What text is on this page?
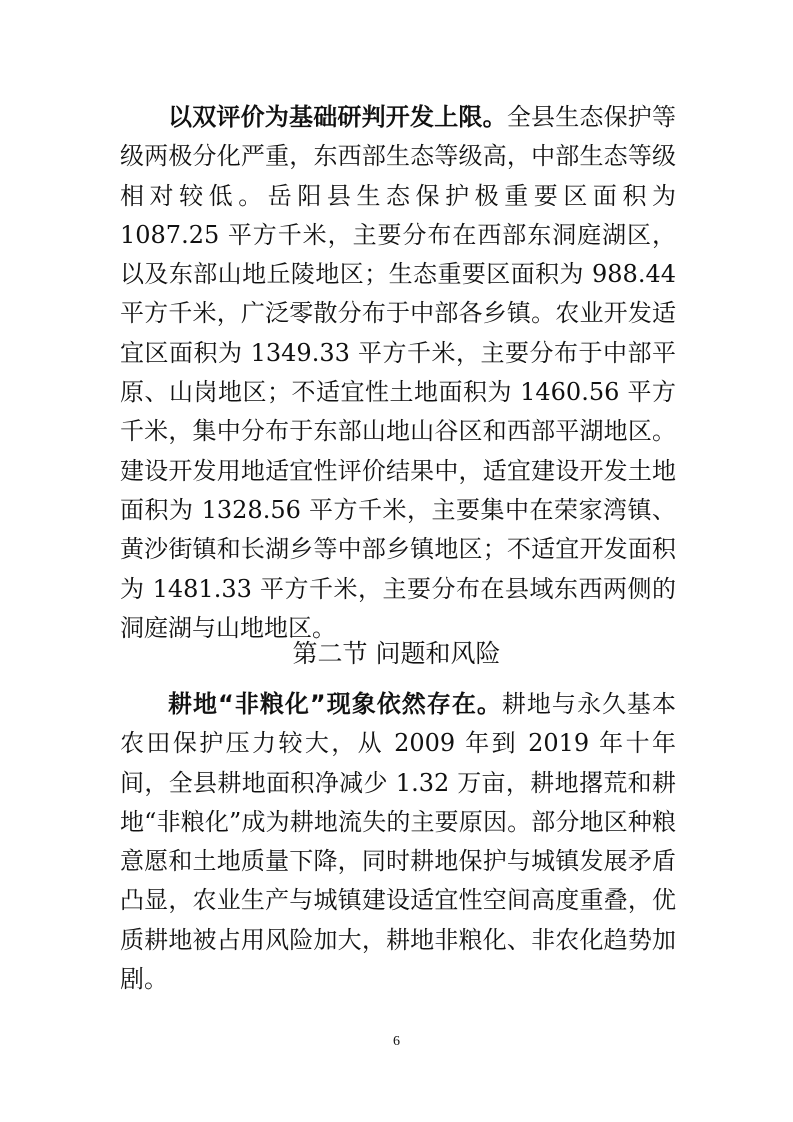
以双评价为基础研判开发上限。全县生态保护等级两极分化严重，东西部生态等级高，中部生态等级相对较低。岳阳县生态保护极重要区面积为 1087.25 平方千米，主要分布在西部东洞庭湖区，以及东部山地丘陵地区；生态重要区面积为 988.44 平方千米，广泛零散分布于中部各乡镇。农业开发适宜区面积为 1349.33 平方千米，主要分布于中部平原、山岗地区；不适宜性土地面积为 1460.56 平方千米，集中分布于东部山地山谷区和西部平湖地区。建设开发用地适宜性评价结果中，适宜建设开发土地面积为 1328.56 平方千米，主要集中在荣家湾镇、黄沙街镇和长湖乡等中部乡镇地区；不适宜开发面积为 1481.33 平方千米，主要分布在县域东西两侧的洞庭湖与山地地区。

第二节 问题和风险

耕地“非粮化”现象依然存在。耕地与永久基本农田保护压力较大，从 2009 年到 2019 年十年间，全县耕地面积净减少 1.32 万亩，耕地撂荒和耕地“非粮化”成为耕地流失的主要原因。部分地区种粮意愿和土地质量下降，同时耕地保护与城镇发展矛盾凸显，农业生产与城镇建设适宜性空间高度重叠，优质耕地被占用风险加大，耕地非粮化、非农化趋势加剧。

6
